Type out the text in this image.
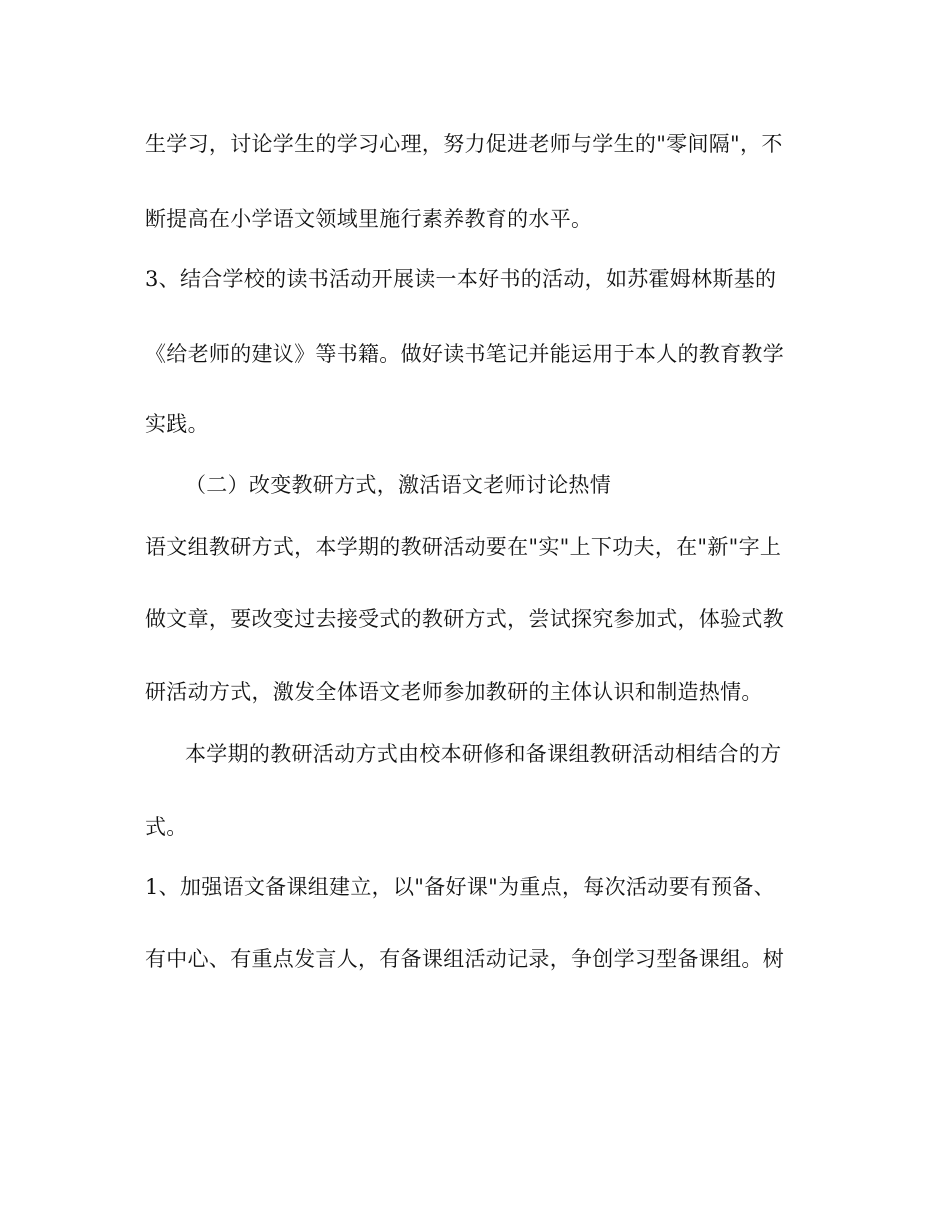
生学习，讨论学生的学习心理，努力促进老师与学生的"零间隔"，不
断提高在小学语文领域里施行素养教育的水平。
3、结合学校的读书活动开展读一本好书的活动，如苏霍姆林斯基的
《给老师的建议》等书籍。做好读书笔记并能运用于本人的教育教学
实践。
（二）改变教研方式，激活语文老师讨论热情
语文组教研方式，本学期的教研活动要在"实"上下功夫，在"新"字上
做文章，要改变过去接受式的教研方式，尝试探究参加式，体验式教
研活动方式，激发全体语文老师参加教研的主体认识和制造热情。
本学期的教研活动方式由校本研修和备课组教研活动相结合的方
式。
1、加强语文备课组建立，以"备好课"为重点，每次活动要有预备、
有中心、有重点发言人，有备课组活动记录，争创学习型备课组。树
